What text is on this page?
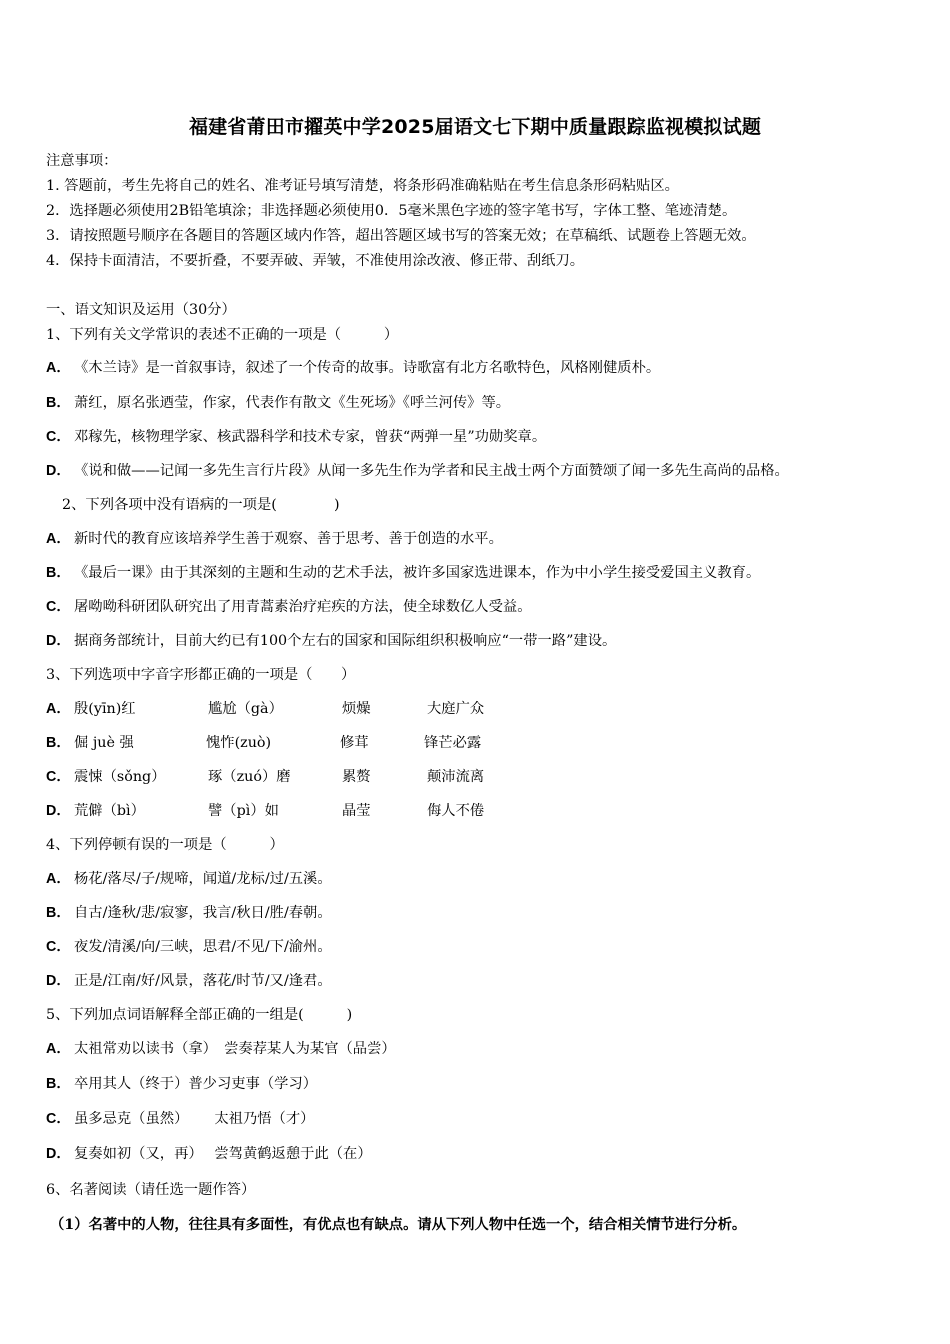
福建省莆田市擢英中学2025届语文七下期中质量跟踪监视模拟试题
注意事项：
1. 答题前，考生先将自己的姓名、准考证号填写清楚，将条形码准确粘贴在考生信息条形码粘贴区。
2．选择题必须使用2B铅笔填涂；非选择题必须使用0．5毫米黑色字迹的签字笔书写，字体工整、笔迹清楚。
3．请按照题号顺序在各题目的答题区域内作答，超出答题区域书写的答案无效；在草稿纸、试题卷上答题无效。
4．保持卡面清洁，不要折叠，不要弄破、弄皱，不准使用涂改液、修正带、刮纸刀。
一、语文知识及运用（30分）
1、下列有关文学常识的表述不正确的一项是（　　　）
A． 《木兰诗》是一首叙事诗，叙述了一个传奇的故事。诗歌富有北方名歌特色，风格刚健质朴。
B． 萧红，原名张迺莹，作家，代表作有散文《生死场》《呼兰河传》等。
C． 邓稼先，核物理学家、核武器科学和技术专家，曾获“两弹一星”功勋奖章。
D． 《说和做——记闻一多先生言行片段》从闻一多先生作为学者和民主战士两个方面赞颂了闻一多先生高尚的品格。
2、下列各项中没有语病的一项是(　　　　)
A． 新时代的教育应该培养学生善于观察、善于思考、善于创造的水平。
B． 《最后一课》由于其深刻的主题和生动的艺术手法，被许多国家选进课本，作为中小学生接受爱国主义教育。
C． 屠呦呦科研团队研究出了用青蒿素治疗疟疾的方法，使全球数亿人受益。
D． 据商务部统计，目前大约已有100个左右的国家和国际组织积极响应“一带一路”建设。
3、下列选项中字音字形都正确的一项是（　　）
A． 殷(yīn)红	尴尬（gà）	烦燥	大庭广众
B． 倔 juè 强	愧怍(zuò)	修茸	锋芒必露
C． 震悚（sǒng）	琢（zuó）磨	累赘	颠沛流离
D． 荒僻（bì）	譬（pì）如	晶莹	侮人不倦
4、下列停顿有误的一项是（　　　）
A． 杨花/落尽/子/规啼，闻道/龙标/过/五溪。
B． 自古/逢秋/悲/寂寥，我言/秋日/胜/春朝。
C． 夜发/清溪/向/三峡，思君/不见/下/渝州。
D． 正是/江南/好/风景，落花/时节/又/逢君。
5、下列加点词语解释全部正确的一组是(　　　)
A． 太祖常劝以读书（拿）　尝奏荐某人为某官（品尝）
B． 卒用其人（终于）普少习吏事（学习）
C． 虽多忌克（虽然）　　 太祖乃悟（才）
D． 复奏如初（又，再）　 尝驾黄鹤返憩于此（在）
6、名著阅读（请任选一题作答）
（1）名著中的人物，往往具有多面性，有优点也有缺点。请从下列人物中任选一个，结合相关情节进行分析。
